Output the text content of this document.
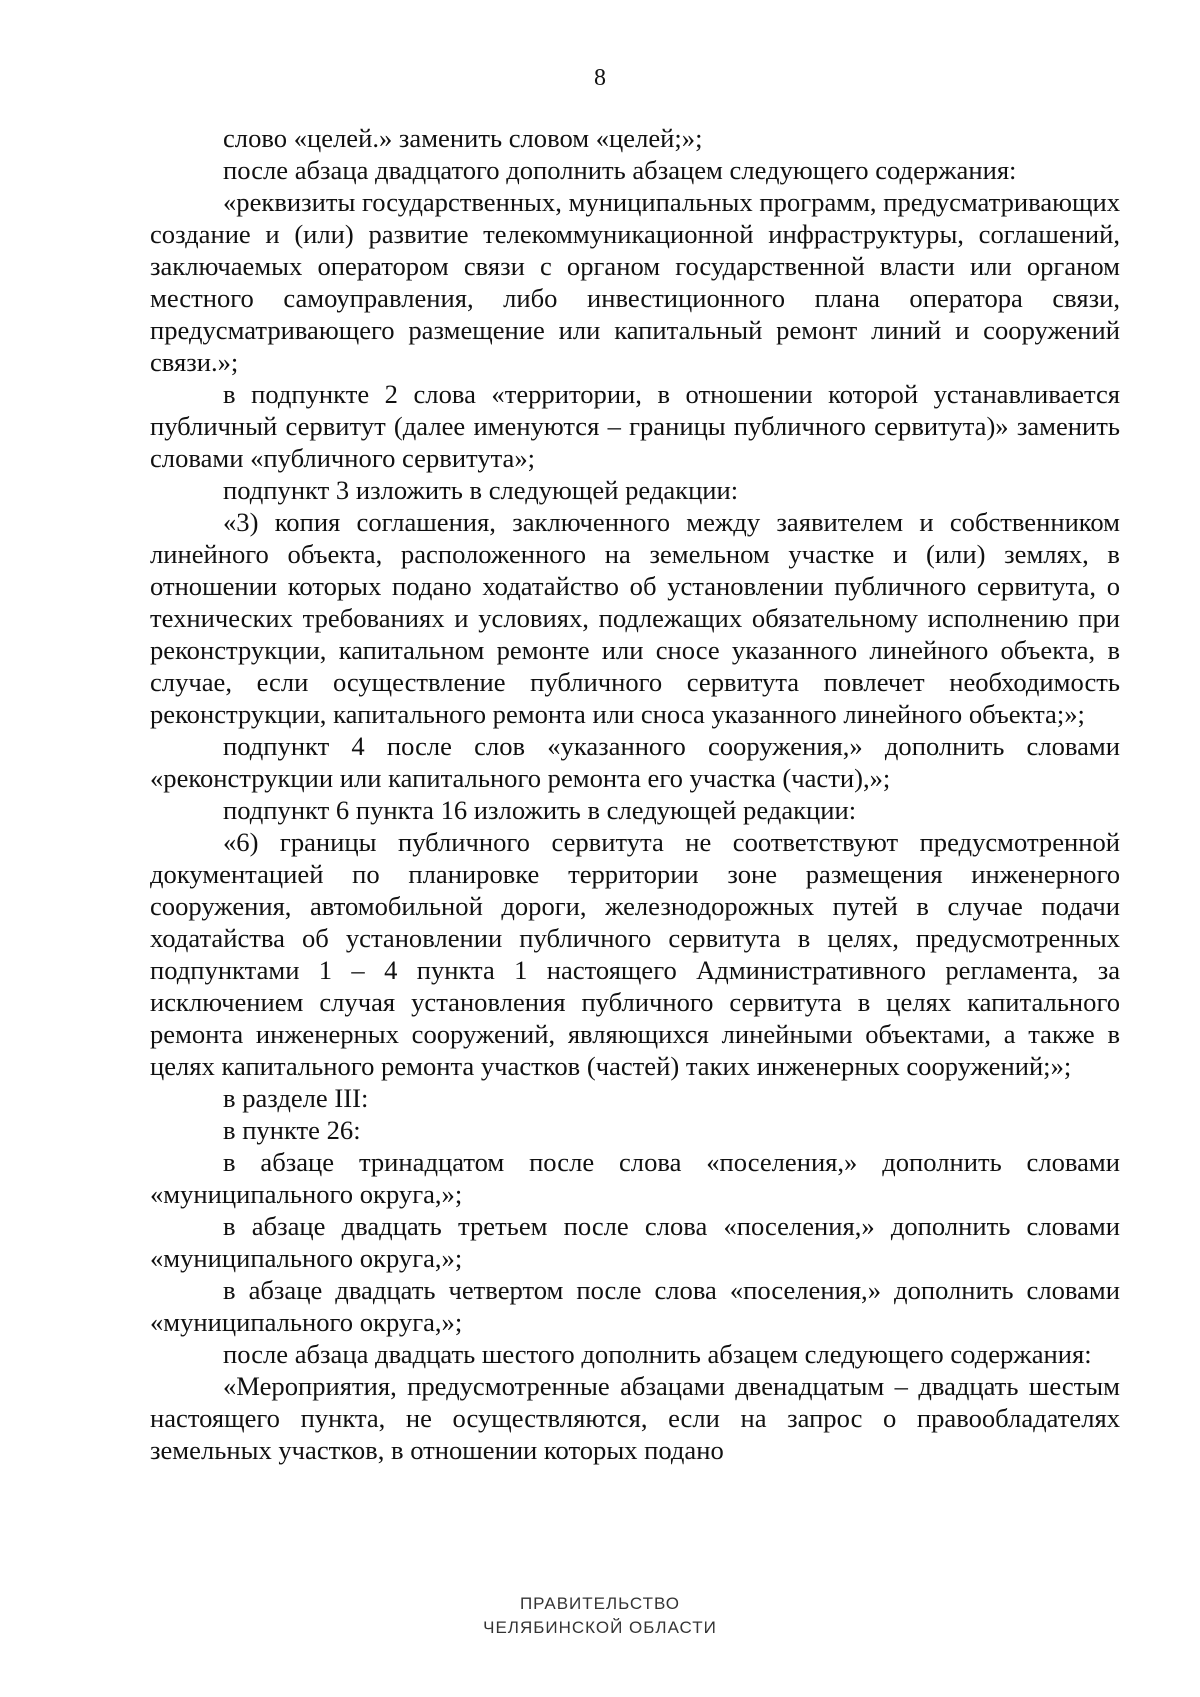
8

слово «целей.» заменить словом «целей;»;

после абзаца двадцатого дополнить абзацем следующего содержания:

«реквизиты государственных, муниципальных программ, предусматривающих создание и (или) развитие телекоммуникационной инфраструктуры, соглашений, заключаемых оператором связи с органом государственной власти или органом местного самоуправления, либо инвестиционного плана оператора связи, предусматривающего размещение или капитальный ремонт линий и сооружений связи.»;

в подпункте 2 слова «территории, в отношении которой устанавливается публичный сервитут (далее именуются – границы публичного сервитута)» заменить словами «публичного сервитута»;

подпункт 3 изложить в следующей редакции:

«3) копия соглашения, заключенного между заявителем и собственником линейного объекта, расположенного на земельном участке и (или) землях, в отношении которых подано ходатайство об установлении публичного сервитута, о технических требованиях и условиях, подлежащих обязательному исполнению при реконструкции, капитальном ремонте или сносе указанного линейного объекта, в случае, если осуществление публичного сервитута повлечет необходимость реконструкции, капитального ремонта или сноса указанного линейного объекта;»;

подпункт 4 после слов «указанного сооружения,» дополнить словами «реконструкции или капитального ремонта его участка (части),»;

подпункт 6 пункта 16 изложить в следующей редакции:

«6) границы публичного сервитута не соответствуют предусмотренной документацией по планировке территории зоне размещения инженерного сооружения, автомобильной дороги, железнодорожных путей в случае подачи ходатайства об установлении публичного сервитута в целях, предусмотренных подпунктами 1 – 4 пункта 1 настоящего Административного регламента, за исключением случая установления публичного сервитута в целях капитального ремонта инженерных сооружений, являющихся линейными объектами, а также в целях капитального ремонта участков (частей) таких инженерных сооружений;»;

в разделе III:

в пункте 26:

в абзаце тринадцатом после слова «поселения,» дополнить словами «муниципального округа,»;

в абзаце двадцать третьем после слова «поселения,» дополнить словами «муниципального округа,»;

в абзаце двадцать четвертом после слова «поселения,» дополнить словами «муниципального округа,»;

после абзаца двадцать шестого дополнить абзацем следующего содержания:

«Мероприятия, предусмотренные абзацами двенадцатым – двадцать шестым настоящего пункта, не осуществляются, если на запрос о правообладателях земельных участков, в отношении которых подано

ПРАВИТЕЛЬСТВО
ЧЕЛЯБИНСКОЙ ОБЛАСТИ
